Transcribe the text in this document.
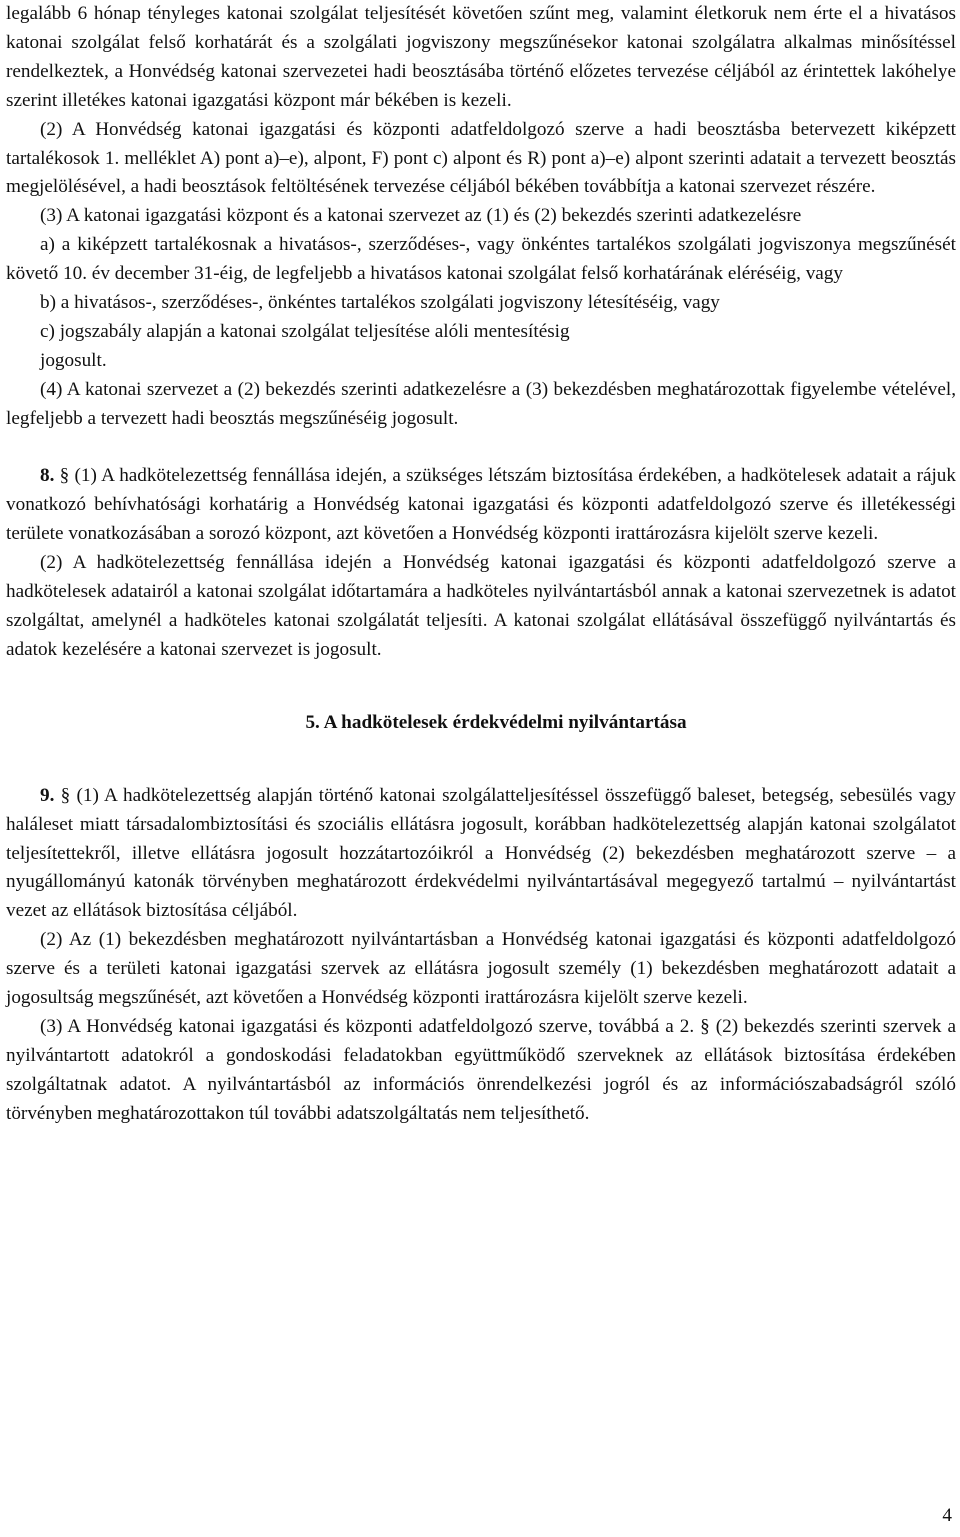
legalább 6 hónap tényleges katonai szolgálat teljesítését követően szűnt meg, valamint életkoruk nem érte el a hivatásos katonai szolgálat felső korhatárát és a szolgálati jogviszony megszűnésekor katonai szolgálatra alkalmas minősítéssel rendelkeztek, a Honvédség katonai szervezetei hadi beosztásába történő előzetes tervezése céljából az érintettek lakóhelye szerint illetékes katonai igazgatási központ már békében is kezeli.

(2) A Honvédség katonai igazgatási és központi adatfeldolgozó szerve a hadi beosztásba betervezett kiképzett tartalékosok 1. melléklet A) pont a)–e), alpont, F) pont c) alpont és R) pont a)–e) alpont szerinti adatait a tervezett beosztás megjelölésével, a hadi beosztások feltöltésének tervezése céljából békében továbbítja a katonai szervezet részére.

(3) A katonai igazgatási központ és a katonai szervezet az (1) és (2) bekezdés szerinti adatkezelésre

a) a kiképzett tartalékosnak a hivatásos-, szerződéses-, vagy önkéntes tartalékos szolgálati jogviszonya megszűnését követő 10. év december 31-éig, de legfeljebb a hivatásos katonai szolgálat felső korhatárának eléréséig, vagy

b) a hivatásos-, szerződéses-, önkéntes tartalékos szolgálati jogviszony létesítéséig, vagy

c) jogszabály alapján a katonai szolgálat teljesítése alóli mentesítésig

jogosult.

(4) A katonai szervezet a (2) bekezdés szerinti adatkezelésre a (3) bekezdésben meghatározottak figyelembe vételével, legfeljebb a tervezett hadi beosztás megszűnéséig jogosult.

8. § (1) A hadkötelezettség fennállása idején, a szükséges létszám biztosítása érdekében, a hadkötelesek adatait a rájuk vonatkozó behívhatósági korhatárig a Honvédség katonai igazgatási és központi adatfeldolgozó szerve és illetékességi területe vonatkozásában a sorozó központ, azt követően a Honvédség központi irattározásra kijelölt szerve kezeli.

(2) A hadkötelezettség fennállása idején a Honvédség katonai igazgatási és központi adatfeldolgozó szerve a hadkötelesek adatairól a katonai szolgálat időtartamára a hadköteles nyilvántartásból annak a katonai szervezetnek is adatot szolgáltat, amelynél a hadköteles katonai szolgálatát teljesíti. A katonai szolgálat ellátásával összefüggő nyilvántartás és adatok kezelésére a katonai szervezet is jogosult.

5. A hadkötelesek érdekvédelmi nyilvántartása

9. § (1) A hadkötelezettség alapján történő katonai szolgálatteljesítéssel összefüggő baleset, betegség, sebesülés vagy haláleset miatt társadalombiztosítási és szociális ellátásra jogosult, korábban hadkötelezettség alapján katonai szolgálatot teljesítettekről, illetve ellátásra jogosult hozzátartozóikról a Honvédség (2) bekezdésben meghatározott szerve – a nyugállományú katonák törvényben meghatározott érdekvédelmi nyilvántartásával megegyező tartalmú – nyilvántartást vezet az ellátások biztosítása céljából.

(2) Az (1) bekezdésben meghatározott nyilvántartásban a Honvédség katonai igazgatási és központi adatfeldolgozó szerve és a területi katonai igazgatási szervek az ellátásra jogosult személy (1) bekezdésben meghatározott adatait a jogosultság megszűnését, azt követően a Honvédség központi irattározásra kijelölt szerve kezeli.

(3) A Honvédség katonai igazgatási és központi adatfeldolgozó szerve, továbbá a 2. § (2) bekezdés szerinti szervek a nyilvántartott adatokról a gondoskodási feladatokban együttműködő szerveknek az ellátások biztosítása érdekében szolgáltatnak adatot. A nyilvántartásból az információs önrendelkezési jogról és az információszabadságról szóló törvényben meghatározottakon túl további adatszolgáltatás nem teljesíthető.

4
